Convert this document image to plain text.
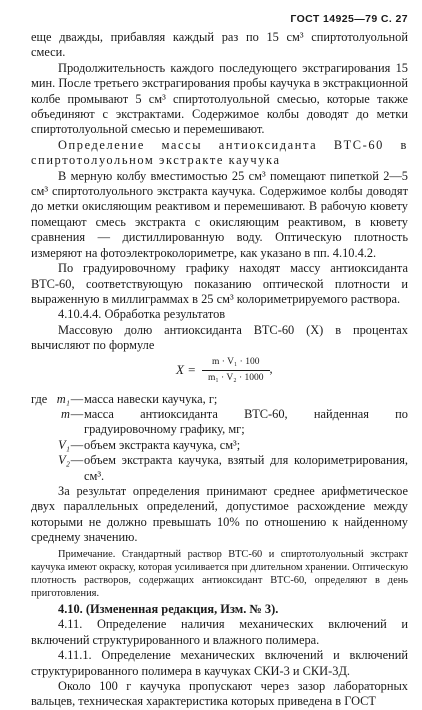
ГОСТ 14925—79 С. 27

еще дважды, прибавляя каждый раз по 15 см³ спиртотолуольной смеси.

Продолжительность каждого последующего экстрагирования 15 мин. После третьего экстрагирования пробы каучука в экстракционной колбе промывают 5 см³ спиртотолуольной смесью, которые также объединяют с экстрактами. Содержимое колбы доводят до метки спиртотолуольной смесью и перемешивают.

Определение массы антиоксиданта ВТС-60 в спиртотолуольном экстракте каучука

В мерную колбу вместимостью 25 см³ помещают пипеткой 2—5 см³ спиртотолуольного экстракта каучука. Содержимое колбы доводят до метки окисляющим реактивом и перемешивают. В рабочую кювету помещают смесь экстракта с окисляющим реактивом, в кювету сравнения — дистиллированную воду. Оптическую плотность измеряют на фотоэлектроколориметре, как указано в пп. 4.10.4.2.

По градуировочному графику находят массу антиоксиданта ВТС-60, соответствующую показанию оптической плотности и выраженную в миллиграммах в 25 см³ колориметрируемого раствора.

4.10.4.4. Обработка результатов

Массовую долю антиоксиданта ВТС-60 (X) в процентах вычисляют по формуле

$X = \frac{\text{m · V₁ · 100}}{\text{m₁ · V₂ · 1000}}$ ,
где m₁ — масса навески каучука, г;
m — масса антиоксиданта ВТС-60, найденная по градуировочному графику, мг;
V₁ — объем экстракта каучука, см³;
V₂ — объем экстракта каучука, взятый для колориметрирования, см³.

За результат определения принимают среднее арифметическое двух параллельных определений, допустимое расхождение между которыми не должно превышать 10% по отношению к найденному среднему значению.

Примечание. Стандартный раствор ВТС-60 и спиртотолуольный экстракт каучука имеют окраску, которая усиливается при длительном хранении. Оптическую плотность растворов, содержащих антиоксидант ВТС-60, определяют в день приготовления.

4.10. (Измененная редакция, Изм. № 3).

4.11. Определение наличия механических включений и включений структурированного и влажного полимера.

4.11.1. Определение механических включений и включений структурированного полимера в каучуках СКИ-3 и СКИ-3Д.

Около 100 г каучука пропускают через зазор лабораторных вальцев, техническая характеристика которых приведена в ГОСТ
